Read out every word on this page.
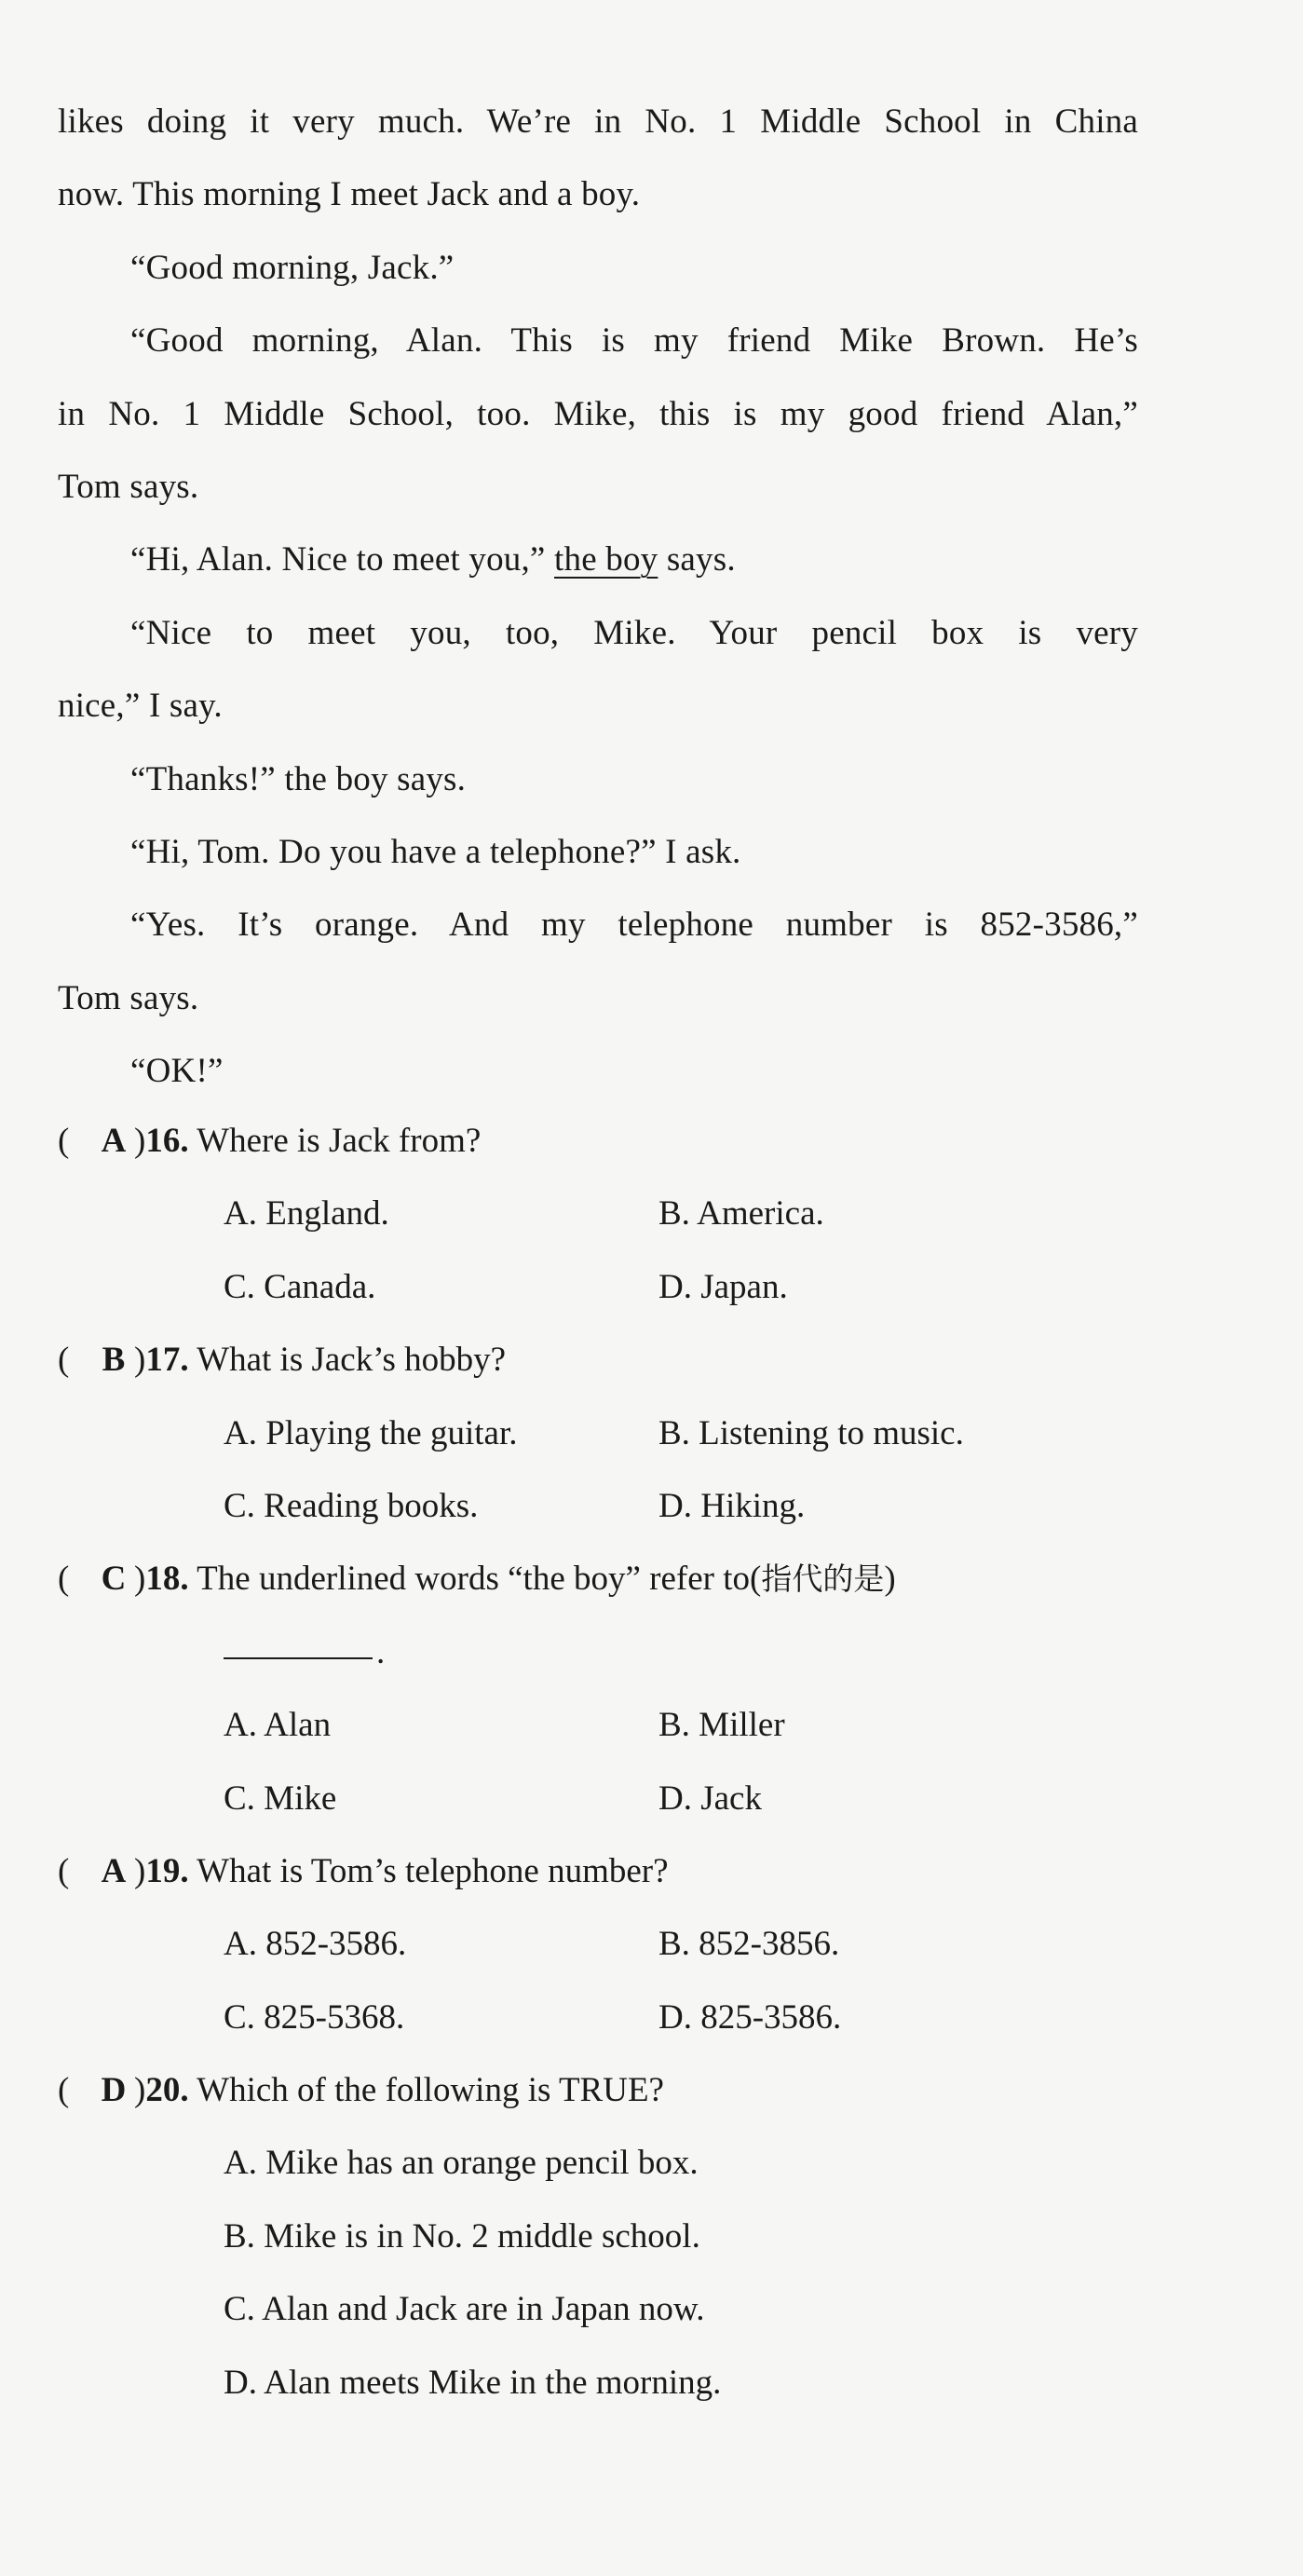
likes doing it very much. We’re in No. 1 Middle School in China
now. This morning I meet Jack and a boy.
“Good morning, Jack.”
“Good morning, Alan. This is my friend Mike Brown. He’s
in No. 1 Middle School, too. Mike, this is my good friend Alan,”
Tom says.
“Hi, Alan. Nice to meet you,” the boy says.
“Nice to meet you, too, Mike. Your pencil box is very
nice,” I say.
“Thanks!” the boy says.
“Hi, Tom. Do you have a telephone?” I ask.
“Yes. It’s orange. And my telephone number is 852-3586,”
Tom says.
“OK!”
( A )16. Where is Jack from?
A. England.	B. America.
C. Canada.	D. Japan.
( B )17. What is Jack’s hobby?
A. Playing the guitar.	B. Listening to music.
C. Reading books.	D. Hiking.
( C )18. The underlined words “the boy” refer to(指代的是)
.
A. Alan	B. Miller
C. Mike	D. Jack
( A )19. What is Tom’s telephone number?
A. 852-3586.	B. 852-3856.
C. 825-5368.	D. 825-3586.
( D )20. Which of the following is TRUE?
A. Mike has an orange pencil box.
B. Mike is in No. 2 middle school.
C. Alan and Jack are in Japan now.
D. Alan meets Mike in the morning.
